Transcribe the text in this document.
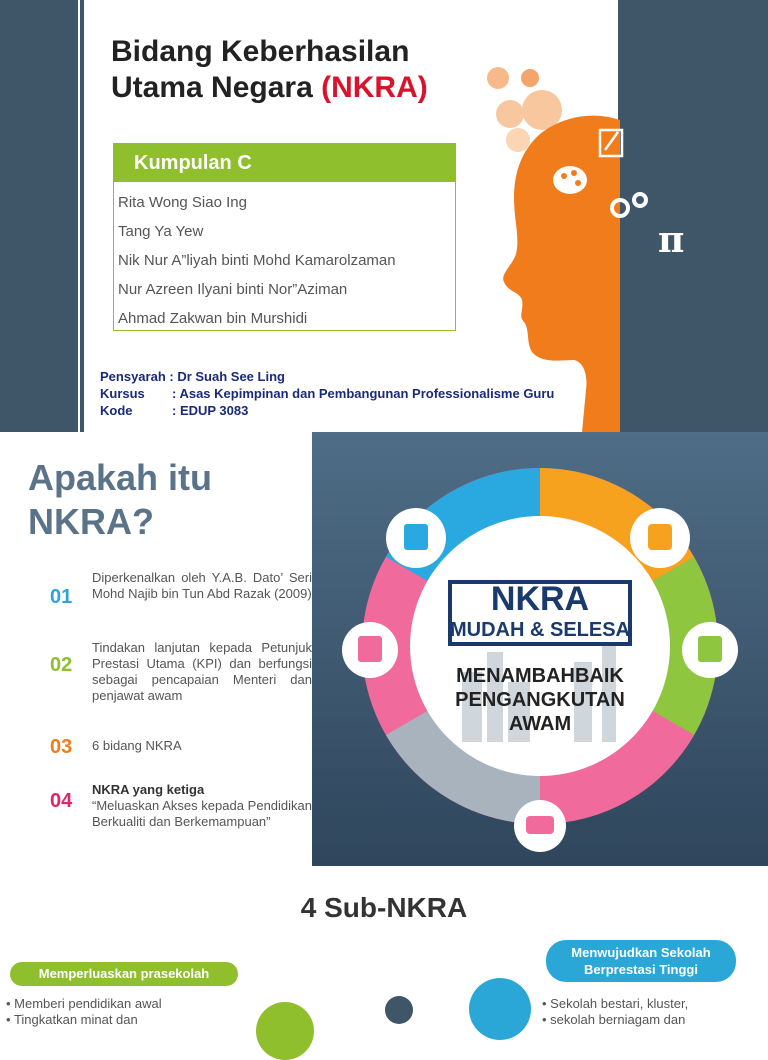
Bidang Keberhasilan
Utama Negara (NKRA)
Kumpulan C
Rita Wong Siao Ing
Tang Ya Yew
Nik Nur A”liyah binti Mohd Kamarolzaman
Nur Azreen Ilyani binti Nor”Aziman
Ahmad Zakwan bin Murshidi
Pensyarah : Dr Suah See Ling
Kursus	: Asas Kepimpinan dan Pembangunan Professionalisme Guru
Kode	: EDUP 3083
π
Apakah itu NKRA?
01

Diperkenalkan oleh Y.A.B. Dato’ Seri Mohd Najib bin Tun Abd Razak (2009)

02

Tindakan lanjutan kepada Petunjuk Prestasi Utama (KPI) dan berfungsi sebagai pencapaian Menteri dan penjawat awam

03 6 bidang NKRA

04

NKRA yang ketiga
“Meluaskan Akses kepada Pendidikan Berkualiti dan Berkemampuan”

NKRA
MUDAH & SELESA
MENAMBAHBAIK
PENGANGKUTAN
AWAM
4 Sub-NKRA
Memperluaskan prasekolah
• Memberi pendidikan awal
• Tingkatkan minat dan
Menwujudkan Sekolah
Berprestasi Tinggi
• Sekolah bestari, kluster,
• sekolah berniagam dan
